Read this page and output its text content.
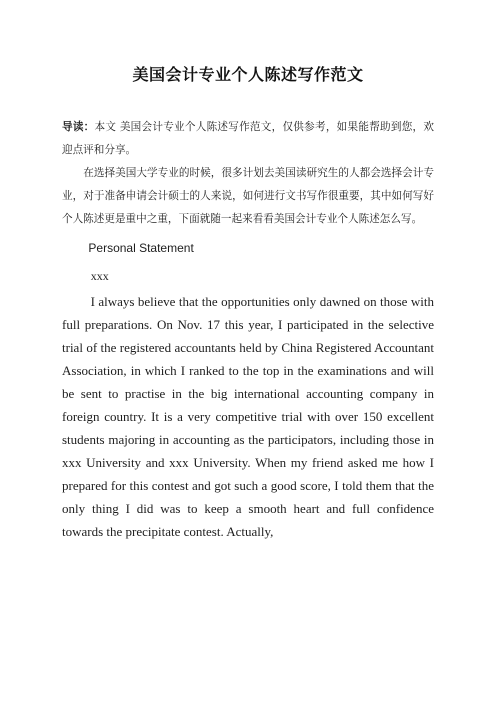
美国会计专业个人陈述写作范文

导读：本文 美国会计专业个人陈述写作范文，仅供参考，如果能帮助到您，欢迎点评和分享。

在选择美国大学专业的时候，很多计划去美国读研究生的人都会选择会计专业，对于准备申请会计硕士的人来说，如何进行文书写作很重要，其中如何写好个人陈述更是重中之重，下面就随一起来看看美国会计专业个人陈述怎么写。

Personal Statement

xxx

I always believe that the opportunities only dawned on those with full preparations. On Nov. 17 this year, I participated in the selective trial of the registered accountants held by China Registered Accountant Association, in which I ranked to the top in the examinations and will be sent to practise in the big international accounting company in foreign country. It is a very competitive trial with over 150 excellent students majoring in accounting as the participators, including those in xxx University and xxx University. When my friend asked me how I prepared for this contest and got such a good score, I told them that the only thing I did was to keep a smooth heart and full confidence towards the precipitate contest. Actually,
